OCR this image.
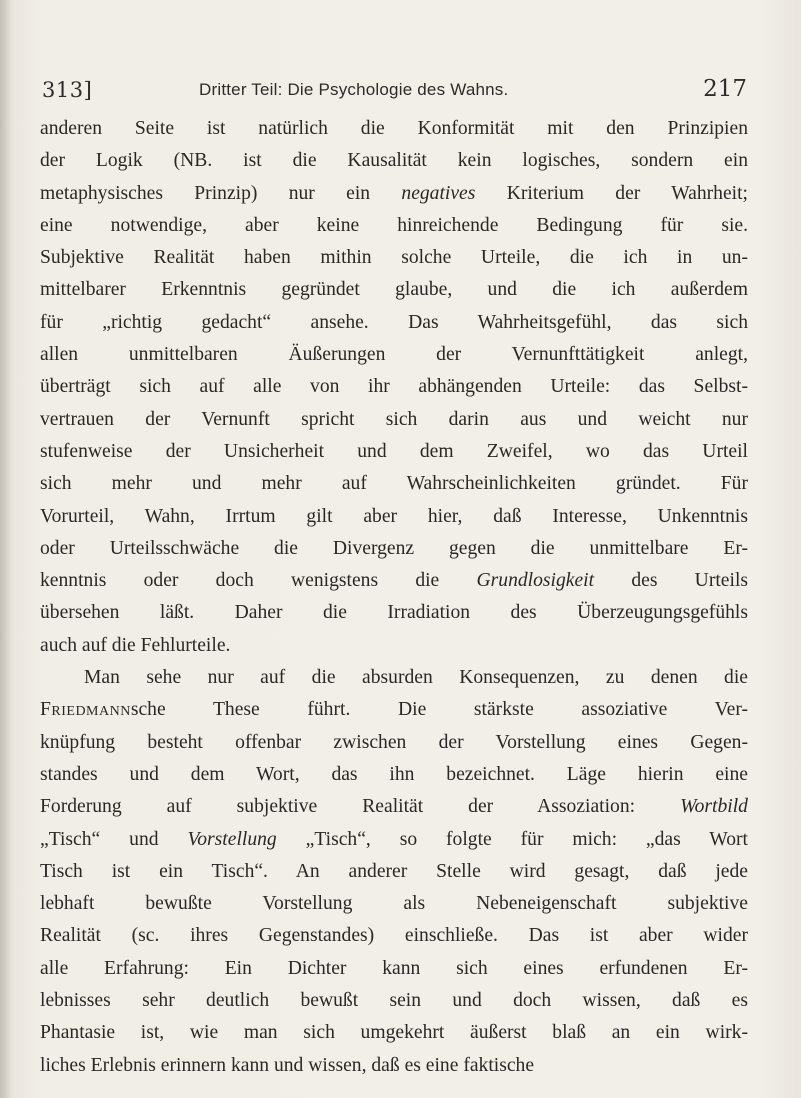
313]	Dritter Teil: Die Psychologie des Wahns.	217
anderen Seite ist natürlich die Konformität mit den Prinzipien
der Logik (NB. ist die Kausalität kein logisches, sondern ein
metaphysisches Prinzip) nur ein negatives Kriterium der Wahrheit;
eine notwendige, aber keine hinreichende Bedingung für sie.
Subjektive Realität haben mithin solche Urteile, die ich in un-
mittelbarer Erkenntnis gegründet glaube, und die ich außerdem
für „richtig gedacht“ ansehe. Das Wahrheitsgefühl, das sich
allen unmittelbaren Äußerungen der Vernunfttätigkeit anlegt,
überträgt sich auf alle von ihr abhängenden Urteile: das Selbst-
vertrauen der Vernunft spricht sich darin aus und weicht nur
stufenweise der Unsicherheit und dem Zweifel, wo das Urteil
sich mehr und mehr auf Wahrscheinlichkeiten gründet. Für
Vorurteil, Wahn, Irrtum gilt aber hier, daß Interesse, Unkenntnis
oder Urteilsschwäche die Divergenz gegen die unmittelbare Er-
kenntnis oder doch wenigstens die Grundlosigkeit des Urteils
übersehen läßt. Daher die Irradiation des Überzeugungsgefühls
auch auf die Fehlurteile.
Man sehe nur auf die absurden Konsequenzen, zu denen die
Friedmannsche These führt. Die stärkste assoziative Ver-
knüpfung besteht offenbar zwischen der Vorstellung eines Gegen-
standes und dem Wort, das ihn bezeichnet. Läge hierin eine
Forderung auf subjektive Realität der Assoziation: Wortbild
„Tisch“ und Vorstellung „Tisch“, so folgte für mich: „das Wort
Tisch ist ein Tisch“. An anderer Stelle wird gesagt, daß jede
lebhaft bewußte Vorstellung als Nebeneigenschaft subjektive
Realität (sc. ihres Gegenstandes) einschließe. Das ist aber wider
alle Erfahrung: Ein Dichter kann sich eines erfundenen Er-
lebnisses sehr deutlich bewußt sein und doch wissen, daß es
Phantasie ist, wie man sich umgekehrt äußerst blaß an ein wirk-
liches Erlebnis erinnern kann und wissen, daß es eine faktische
